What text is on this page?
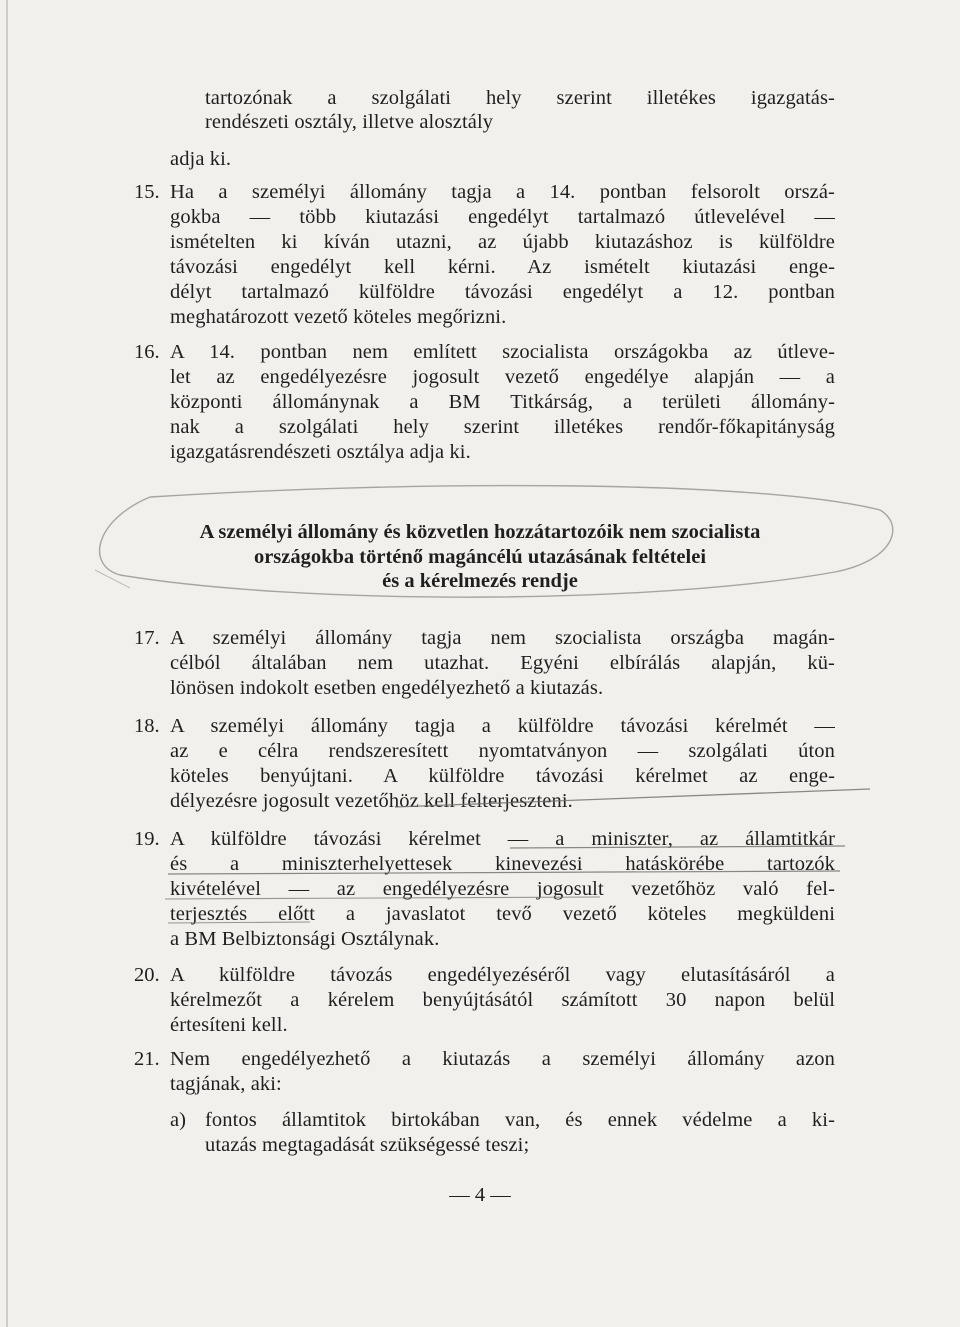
tartozónak a szolgálati hely szerint illetékes igazgatás-
rendészeti osztály, illetve alosztály
adja ki.
15. Ha a személyi állomány tagja a 14. pontban felsorolt orszá-
gokba — több kiutazási engedélyt tartalmazó útlevelével —
ismételten ki kíván utazni, az újabb kiutazáshoz is külföldre
távozási engedélyt kell kérni. Az ismételt kiutazási enge-
délyt tartalmazó külföldre távozási engedélyt a 12. pontban
meghatározott vezető köteles megőrizni.
16. A 14. pontban nem említett szocialista országokba az útleve-
let az engedélyezésre jogosult vezető engedélye alapján — a
központi állománynak a BM Titkárság, a területi állomány-
nak a szolgálati hely szerint illetékes rendőr-főkapitányság
igazgatásrendészeti osztálya adja ki.
A személyi állomány és közvetlen hozzátartozóik nem szocialista
országokba történő magáncélú utazásának feltételei
és a kérelmezés rendje
17. A személyi állomány tagja nem szocialista országba magán-
célból általában nem utazhat. Egyéni elbírálás alapján, kü-
lönösen indokolt esetben engedélyezhető a kiutazás.
18. A személyi állomány tagja a külföldre távozási kérelmét —
az e célra rendszeresített nyomtatványon — szolgálati úton
köteles benyújtani. A külföldre távozási kérelmet az enge-
délyezésre jogosult vezetőhöz kell felterjeszteni.
19. A külföldre távozási kérelmet — a miniszter, az államtitkár
és a miniszterhelyettesek kinevezési hatáskörébe tartozók
kivételével — az engedélyezésre jogosult vezetőhöz való fel-
terjesztés előtt a javaslatot tevő vezető köteles megküldeni
a BM Belbiztonsági Osztálynak.
20. A külföldre távozás engedélyezéséről vagy elutasításáról a
kérelmezőt a kérelem benyújtásától számított 30 napon belül
értesíteni kell.
21. Nem engedélyezhető a kiutazás a személyi állomány azon
tagjának, aki:
a) fontos államtitok birtokában van, és ennek védelme a ki-
utazás megtagadását szükségessé teszi;
— 4 —
